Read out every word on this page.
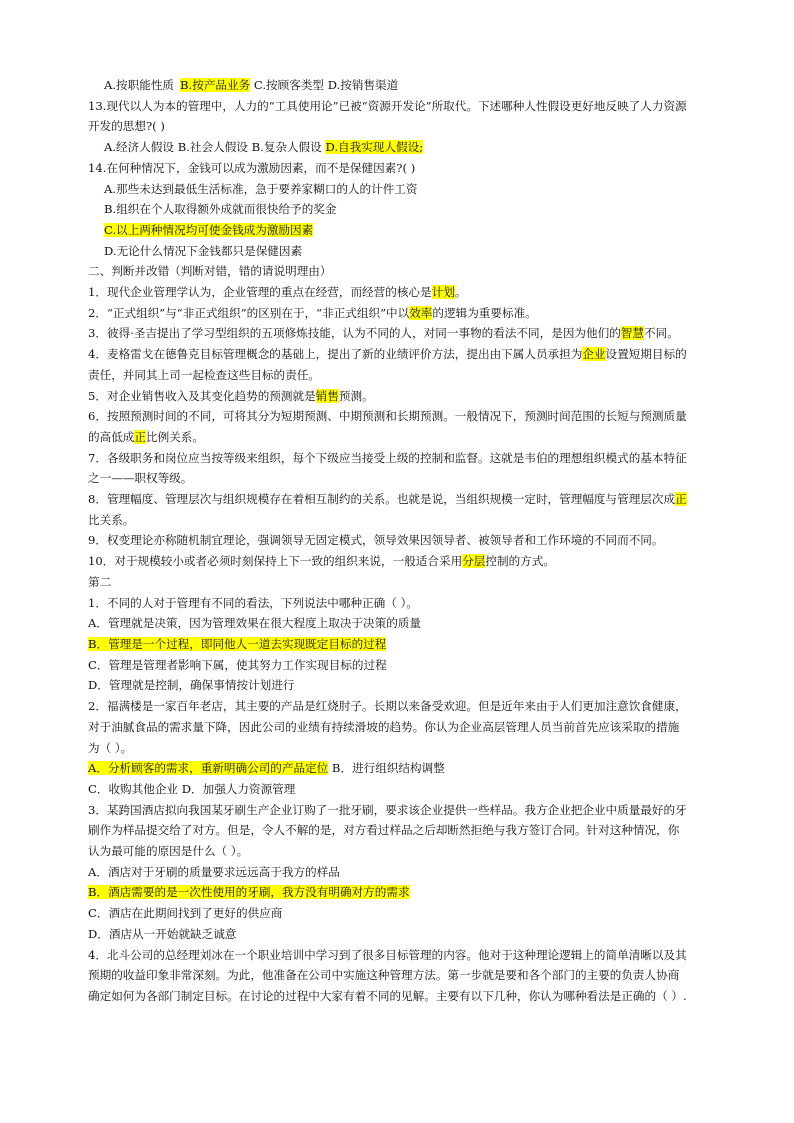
A.按职能性质 B.按产品业务 C.按顾客类型 D.按销售渠道
13.现代以人为本的管理中，人力的“工具使用论”已被“资源开发论”所取代。下述哪种人性假设更好地反映了人力资源
开发的思想?( )
A.经济人假设 B.社会人假设 B.复杂人假设 D.自我实现人假设;
14.在何种情况下，金钱可以成为激励因素，而不是保健因素?( )
A.那些未达到最低生活标准，急于要养家糊口的人的计件工资
B.组织在个人取得额外成就而很快给予的奖金
C.以上两种情况均可使金钱成为激励因素
D.无论什么情况下金钱都只是保健因素
二、判断并改错（判断对错，错的请说明理由）
1．现代企业管理学认为，企业管理的重点在经营，而经营的核心是计划。
2．“正式组织”与“非正式组织”的区别在于，“非正式组织”中以效率的逻辑为重要标准。
3．彼得·圣吉提出了学习型组织的五项修炼技能，认为不同的人，对同一事物的看法不同，是因为他们的智慧不同。
4．麦格雷戈在德鲁克目标管理概念的基础上，提出了新的业绩评价方法，提出由下属人员承担为企业设置短期目标的
责任，并同其上司一起检查这些目标的责任。
5．对企业销售收入及其变化趋势的预测就是销售预测。
6．按照预测时间的不同，可将其分为短期预测、中期预测和长期预测。一般情况下，预测时间范围的长短与预测质量
的高低成正比例关系。
7．各级职务和岗位应当按等级来组织，每个下级应当接受上级的控制和监督。这就是韦伯的理想组织模式的基本特征
之一——职权等级。
8．管理幅度、管理层次与组织规模存在着相互制约的关系。也就是说，当组织规模一定时，管理幅度与管理层次成正
比关系。
9．权变理论亦称随机制宜理论，强调领导无固定模式，领导效果因领导者、被领导者和工作环境的不同而不同。
10．对于规模较小或者必须时刻保持上下一致的组织来说，一般适合采用分层控制的方式。
第二
1．不同的人对于管理有不同的看法，下列说法中哪种正确（ ）。
A．管理就是决策，因为管理效果在很大程度上取决于决策的质量
B．管理是一个过程，即同他人一道去实现既定目标的过程
C．管理是管理者影响下属，使其努力工作实现目标的过程
D．管理就是控制，确保事情按计划进行
2．福满楼是一家百年老店，其主要的产品是红烧肘子。长期以来备受欢迎。但是近年来由于人们更加注意饮食健康，
对于油腻食品的需求量下降，因此公司的业绩有持续滑坡的趋势。你认为企业高层管理人员当前首先应该采取的措施
为（ ）。
A．分析顾客的需求，重新明确公司的产品定位 B．进行组织结构调整
C．收购其他企业 D．加强人力资源管理
3．某跨国酒店拟向我国某牙刷生产企业订购了一批牙刷，要求该企业提供一些样品。我方企业把企业中质量最好的牙
刷作为样品提交给了对方。但是，令人不解的是，对方看过样品之后却断然拒绝与我方签订合同。针对这种情况，你
认为最可能的原因是什么（ ）。
A．酒店对于牙刷的质量要求远远高于我方的样品
B．酒店需要的是一次性使用的牙刷，我方没有明确对方的需求
C．酒店在此期间找到了更好的供应商
D．酒店从一开始就缺乏诚意
4．北斗公司的总经理刘冰在一个职业培训中学习到了很多目标管理的内容。他对于这种理论逻辑上的简单清晰以及其
预期的收益印象非常深刻。为此，他准备在公司中实施这种管理方法。第一步就是要和各个部门的主要的负责人协商
确定如何为各部门制定目标。在讨论的过程中大家有着不同的见解。主要有以下几种，你认为哪种看法是正确的（ ）.
